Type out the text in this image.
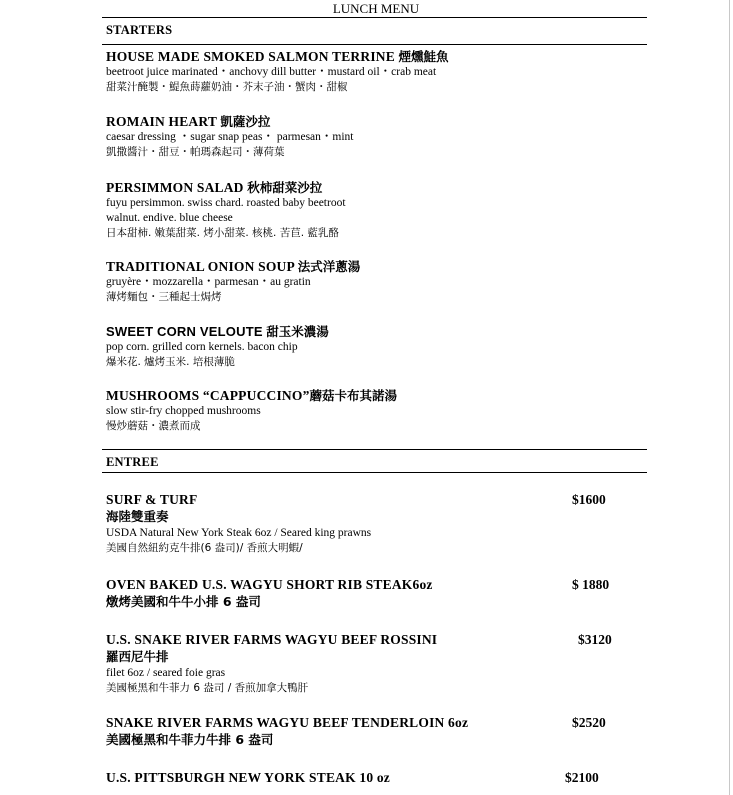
LUNCH MENU
STARTERS
HOUSE MADE SMOKED SALMON TERRINE 煙燻鮭魚
beetroot juice marinated・anchovy dill butter・mustard oil・crab meat
甜菜汁醃製・鯷魚蒔蘿奶油・芥末子油・蟹肉・甜椒
ROMAIN HEART 凱薩沙拉
caesar dressing ・sugar snap peas・ parmesan・mint
凱撒醬汁・甜豆・帕瑪森起司・薄荷葉
PERSIMMON SALAD 秋柿甜菜沙拉
fuyu persimmon. swiss chard. roasted baby beetroot
walnut. endive. blue cheese
日本甜柿. 嫩葉甜菜. 烤小甜菜. 核桃. 苦苣. 藍乳酪
TRADITIONAL ONION SOUP 法式洋蔥湯
gruyère・mozzarella・parmesan・au gratin
薄烤麵包・三種起士焗烤
SWEET CORN VELOUTE 甜玉米濃湯
pop corn. grilled corn kernels. bacon chip
爆米花. 爐烤玉米. 培根薄脆
MUSHROOMS “CAPPUCCINO”蘑菇卡布其諾湯
slow stir-fry chopped mushrooms
慢炒蘑菇・濃煮而成
ENTREE
SURF & TURF
海陸雙重奏
USDA Natural New York Steak 6oz / Seared king prawns
美國自然紐約克牛排(6 盎司)/ 香煎大明蝦/
$1600
OVEN BAKED U.S. WAGYU SHORT RIB STEAK6oz
燉烤美國和牛牛小排 6 盎司
$ 1880
U.S. SNAKE RIVER FARMS WAGYU BEEF ROSSINI
羅西尼牛排
filet 6oz / seared foie gras
美國極黑和牛菲力 6 盎司 / 香煎加拿大鴨肝
$3120
SNAKE RIVER FARMS WAGYU BEEF TENDERLOIN 6oz
美國極黑和牛菲力牛排 6 盎司
$2520
U.S. PITTSBURGH NEW YORK STEAK 10 oz	$2100
